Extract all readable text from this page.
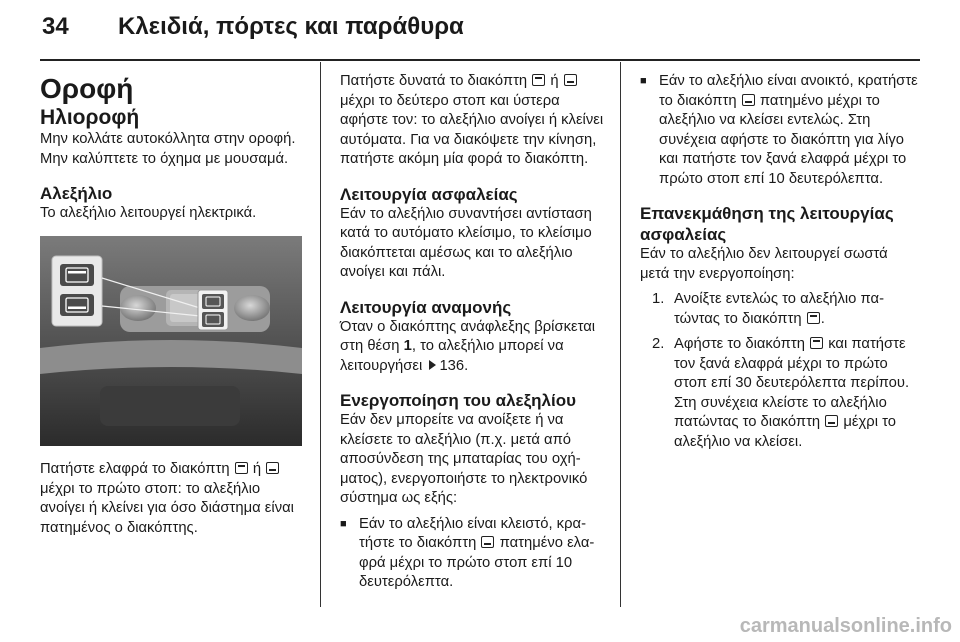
34 Κλειδιά, πόρτες και παράθυρα

Οροφή

Ηλιοροφή

Μην κολλάτε αυτοκόλλητα στην οροφή. Μην καλύπτετε το όχημα με μουσαμά.

Αλεξήλιο

Το αλεξήλιο λειτουργεί ηλεκτρικά.

Πατήστε ελαφρά το διακόπτη ή  μέχρι το πρώτο στοπ: το αλεξήλιο ανοίγει ή κλείνει για όσο διάστημα είναι πατημένος ο διακόπτης.

Πατήστε δυνατά το διακόπτη ή  μέχρι το δεύτερο στοπ και ύστερα αφήστε τον: το αλεξήλιο ανοίγει ή κλείνει αυτόματα. Για να διακόψετε την κίνηση, πατήστε ακόμη μία φορά το διακόπτη.

Λειτουργία ασφαλείας

Εάν το αλεξήλιο συναντήσει αντίσταση κατά το αυτόματο κλείσιμο, το κλείσιμο διακόπτεται αμέσως και το αλεξήλιο ανοίγει και πάλι.

Λειτουργία αναμονής

Όταν ο διακόπτης ανάφλεξης βρίσκεται στη θέση 1, το αλεξήλιο μπορεί να λειτουργήσει 136.

Ενεργοποίηση του αλεξηλίου

Εάν δεν μπορείτε να ανοίξετε ή να κλείσετε το αλεξήλιο (π.χ. μετά από αποσύνδεση της μπαταρίας του οχήματος), ενεργοποιήστε το ηλεκτρονικό σύστημα ως εξής:

■ Εάν το αλεξήλιο είναι κλειστό, κρατήστε το διακόπτη πατημένο ελαφρά μέχρι το πρώτο στοπ επί 10 δευτερόλεπτα.

■ Εάν το αλεξήλιο είναι ανοικτό, κρατήστε το διακόπτη πατημένο μέχρι το αλεξήλιο να κλείσει εντελώς. Στη συνέχεια αφήστε το διακόπτη για λίγο και πατήστε τον ξανά ελαφρά μέχρι το πρώτο στοπ επί 10 δευτερόλεπτα.

Επανεκμάθηση της λειτουργίας ασφαλείας

Εάν το αλεξήλιο δεν λειτουργεί σωστά μετά την ενεργοποίηση:

1. Ανοίξτε εντελώς το αλεξήλιο πατώντας το διακόπτη .

2. Αφήστε το διακόπτη και πατήστε τον ξανά ελαφρά μέχρι το πρώτο στοπ επί 30 δευτερόλεπτα περίπου. Στη συνέχεια κλείστε το αλεξήλιο πατώντας το διακόπτη μέχρι το αλεξήλιο να κλείσει.

carmanualsonline.info
